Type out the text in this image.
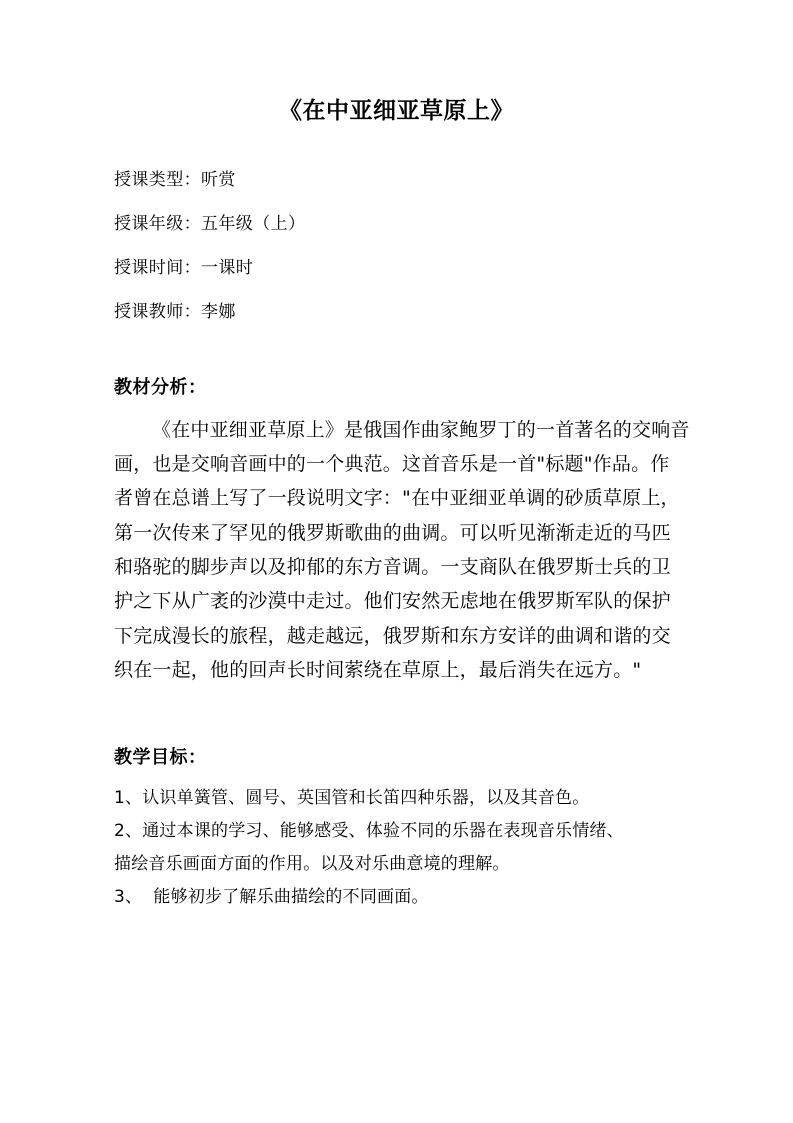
《在中亚细亚草原上》
授课类型：听赏
授课年级：五年级（上）
授课时间：一课时
授课教师：李娜
教材分析：
《在中亚细亚草原上》是俄国作曲家鲍罗丁的一首著名的交响音
画，也是交响音画中的一个典范。这首音乐是一首"标题"作品。作
者曾在总谱上写了一段说明文字："在中亚细亚单调的砂质草原上，
第一次传来了罕见的俄罗斯歌曲的曲调。可以听见渐渐走近的马匹
和骆驼的脚步声以及抑郁的东方音调。一支商队在俄罗斯士兵的卫
护之下从广袤的沙漠中走过。他们安然无虑地在俄罗斯军队的保护
下完成漫长的旅程，越走越远，俄罗斯和东方安详的曲调和谐的交
织在一起，他的回声长时间萦绕在草原上，最后消失在远方。"
教学目标：
1、认识单簧管、圆号、英国管和长笛四种乐器，以及其音色。
2、通过本课的学习、能够感受、体验不同的乐器在表现音乐情绪、
描绘音乐画面方面的作用。以及对乐曲意境的理解。
3、  能够初步了解乐曲描绘的不同画面。
